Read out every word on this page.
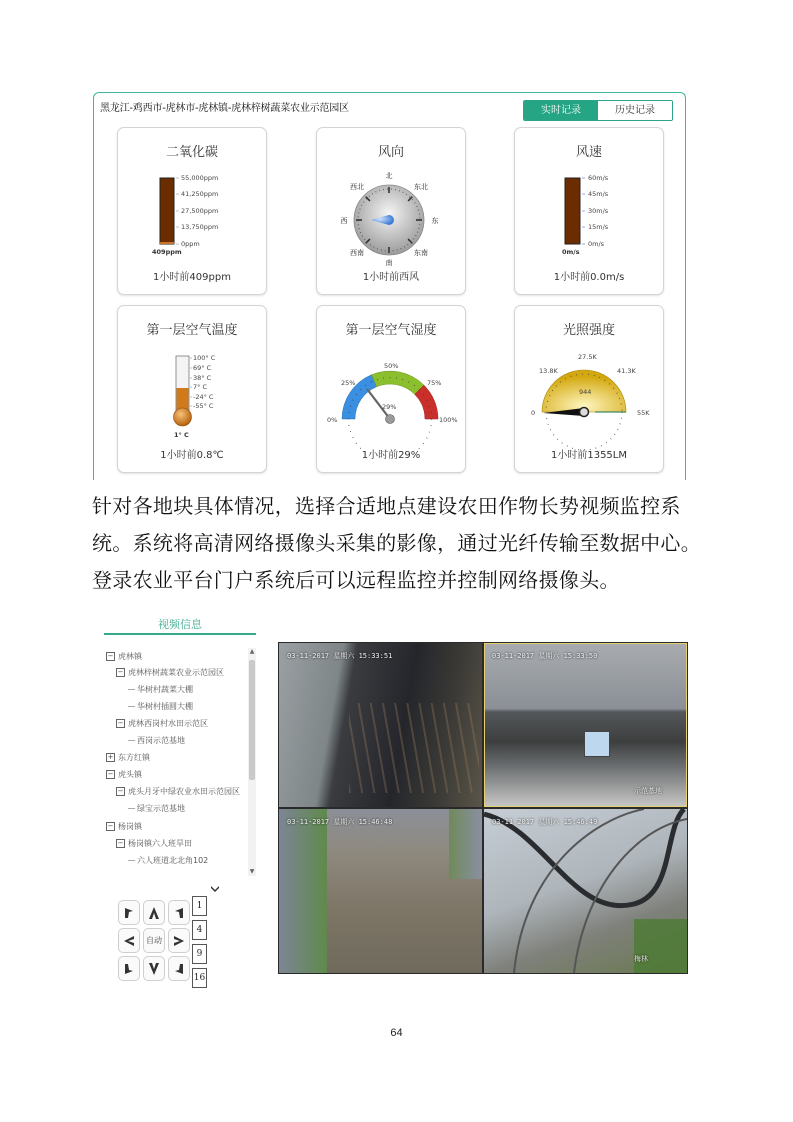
黑龙江-鸡西市-虎林市-虎林镇-虎林梓树蔬菜农业示范园区	实时记录	历史记录
二氧化碳
55,000ppm
41,250ppm
27,500ppm
13,750ppm
0ppm
409ppm
1小时前409ppm
风向
北
东北
东
东南
南
西南
西
西北
1小时前西风
风速
60m/s
45m/s
30m/s
15m/s
0m/s
0m/s
1小时前0.0m/s
第一层空气温度
100° C
69° C
38° C
7° C
-24° C
-55° C
1° C
1小时前0.8℃
第一层空气湿度
0%
25%
50%
75%
100%
29%
1小时前29%
光照强度
0
13.8K
27.5K
41.3K
55K
944
1小时前1355LM

针对各地块具体情况，选择合适地点建设农田作物长势视频监控系

统。系统将高清网络摄像头采集的影像，通过光纤传输至数据中心。

登录农业平台门户系统后可以远程监控并控制网络摄像头。

视频信息
− 虎林镇
− 虎林梓树蔬菜农业示范园区
华树村蔬菜大棚
华树村插圆大棚
− 虎林西岗村水田示范区
西岗示范基地
+ 东方红镇
− 虎头镇
− 虎头月牙中绿农业水田示范园区
绿宝示范基地
− 杨岗镇
− 杨岗镇六人班旱田
六人班道北北角102
▲
▼
自动
1
4
9
16
03-11-2017 星期六 15:33:51	03-11-2017 星期六 15:33:50
示范基地
03-11-2017 星期六 15:46:48	03-11-2017 星期六 15:46:49
梅林
64
